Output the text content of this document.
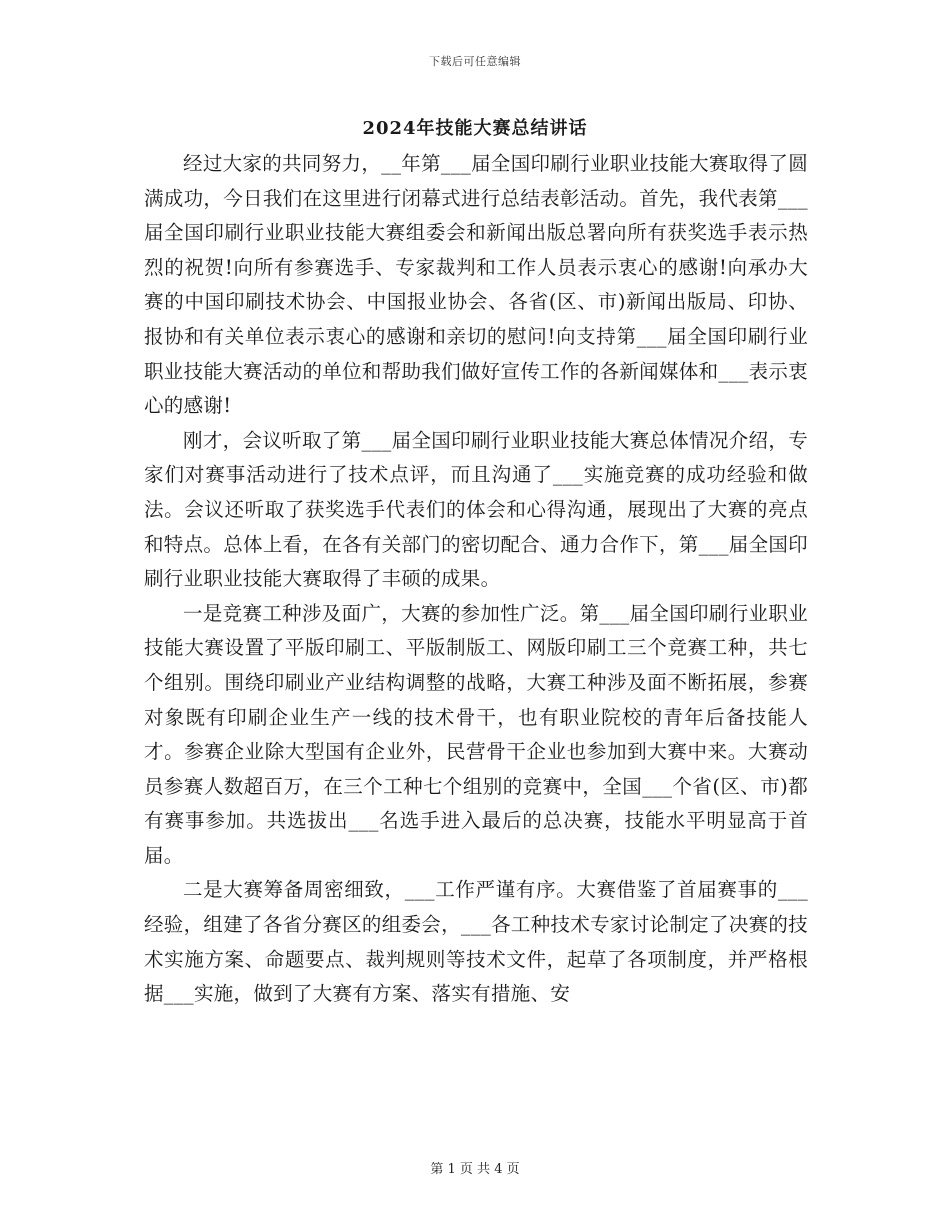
下载后可任意编辑
2024年技能大赛总结讲话

经过大家的共同努力，__年第___届全国印刷行业职业技能大赛取得了圆满成功，今日我们在这里进行闭幕式进行总结表彰活动。首先，我代表第___届全国印刷行业职业技能大赛组委会和新闻出版总署向所有获奖选手表示热烈的祝贺!向所有参赛选手、专家裁判和工作人员表示衷心的感谢!向承办大赛的中国印刷技术协会、中国报业协会、各省(区、市)新闻出版局、印协、报协和有关单位表示衷心的感谢和亲切的慰问!向支持第___届全国印刷行业职业技能大赛活动的单位和帮助我们做好宣传工作的各新闻媒体和___表示衷心的感谢!

刚才，会议听取了第___届全国印刷行业职业技能大赛总体情况介绍，专家们对赛事活动进行了技术点评，而且沟通了___实施竞赛的成功经验和做法。会议还听取了获奖选手代表们的体会和心得沟通，展现出了大赛的亮点和特点。总体上看，在各有关部门的密切配合、通力合作下，第___届全国印刷行业职业技能大赛取得了丰硕的成果。

一是竞赛工种涉及面广，大赛的参加性广泛。第___届全国印刷行业职业技能大赛设置了平版印刷工、平版制版工、网版印刷工三个竞赛工种，共七个组别。围绕印刷业产业结构调整的战略，大赛工种涉及面不断拓展，参赛对象既有印刷企业生产一线的技术骨干，也有职业院校的青年后备技能人才。参赛企业除大型国有企业外，民营骨干企业也参加到大赛中来。大赛动员参赛人数超百万，在三个工种七个组别的竞赛中，全国___个省(区、市)都有赛事参加。共选拔出___名选手进入最后的总决赛，技能水平明显高于首届。

二是大赛筹备周密细致，___工作严谨有序。大赛借鉴了首届赛事的___经验，组建了各省分赛区的组委会，___各工种技术专家讨论制定了决赛的技术实施方案、命题要点、裁判规则等技术文件，起草了各项制度，并严格根据___实施，做到了大赛有方案、落实有措施、安

第 1 页 共 4 页
